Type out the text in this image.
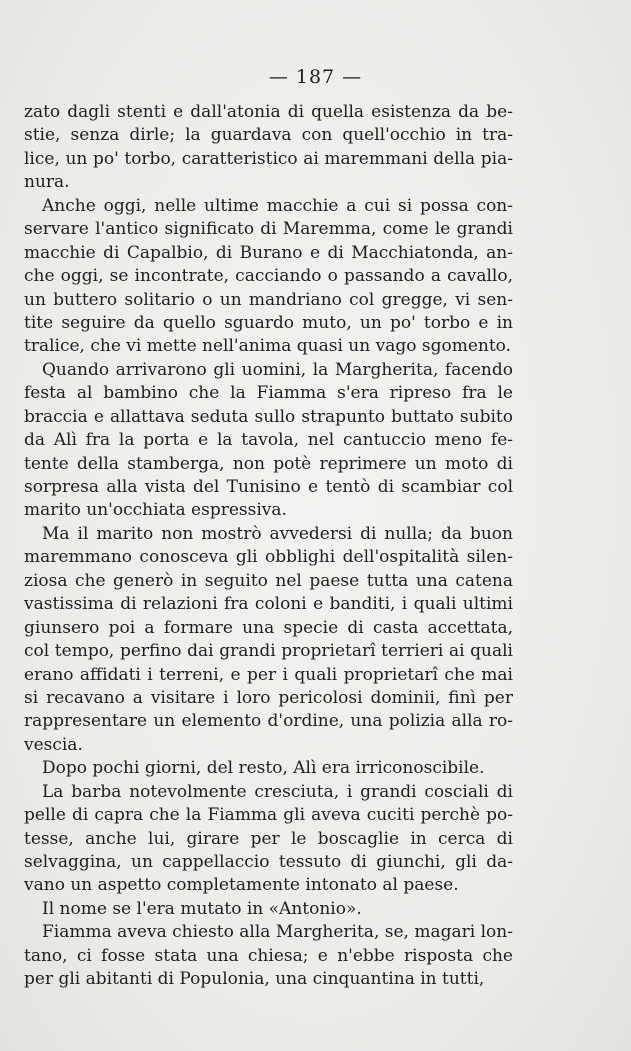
— 187 —
zato dagli stenti e dall'atonia di quella esistenza da be-
stie, senza dirle; la guardava con quell'occhio in tra-
lice, un po' torbo, caratteristico ai maremmani della pia-
nura.
Anche oggi, nelle ultime macchie a cui si possa con-
servare l'antico significato di Maremma, come le grandi
macchie di Capalbio, di Burano e di Macchiatonda, an-
che oggi, se incontrate, cacciando o passando a cavallo,
un buttero solitario o un mandriano col gregge, vi sen-
tite seguire da quello sguardo muto, un po' torbo e in
tralice, che vi mette nell'anima quasi un vago sgomento.
Quando arrivarono gli uomini, la Margherita, facendo
festa al bambino che la Fiamma s'era ripreso fra le
braccia e allattava seduta sullo strapunto buttato subito
da Alì fra la porta e la tavola, nel cantuccio meno fe-
tente della stamberga, non potè reprimere un moto di
sorpresa alla vista del Tunisino e tentò di scambiar col
marito un'occhiata espressiva.
Ma il marito non mostrò avvedersi di nulla; da buon
maremmano conosceva gli obblighi dell'ospitalità silen-
ziosa che generò in seguito nel paese tutta una catena
vastissima di relazioni fra coloni e banditi, i quali ultimi
giunsero poi a formare una specie di casta accettata,
col tempo, perfino dai grandi proprietarî terrieri ai quali
erano affidati i terreni, e per i quali proprietarî che mai
si recavano a visitare i loro pericolosi dominii, finì per
rappresentare un elemento d'ordine, una polizia alla ro-
vescia.
Dopo pochi giorni, del resto, Alì era irriconoscibile.
La barba notevolmente cresciuta, i grandi cosciali di
pelle di capra che la Fiamma gli aveva cuciti perchè po-
tesse, anche lui, girare per le boscaglie in cerca di
selvaggina, un cappellaccio tessuto di giunchi, gli da-
vano un aspetto completamente intonato al paese.
Il nome se l'era mutato in «Antonio».
Fiamma aveva chiesto alla Margherita, se, magari lon-
tano, ci fosse stata una chiesa; e n'ebbe risposta che
per gli abitanti di Populonia, una cinquantina in tutti,
